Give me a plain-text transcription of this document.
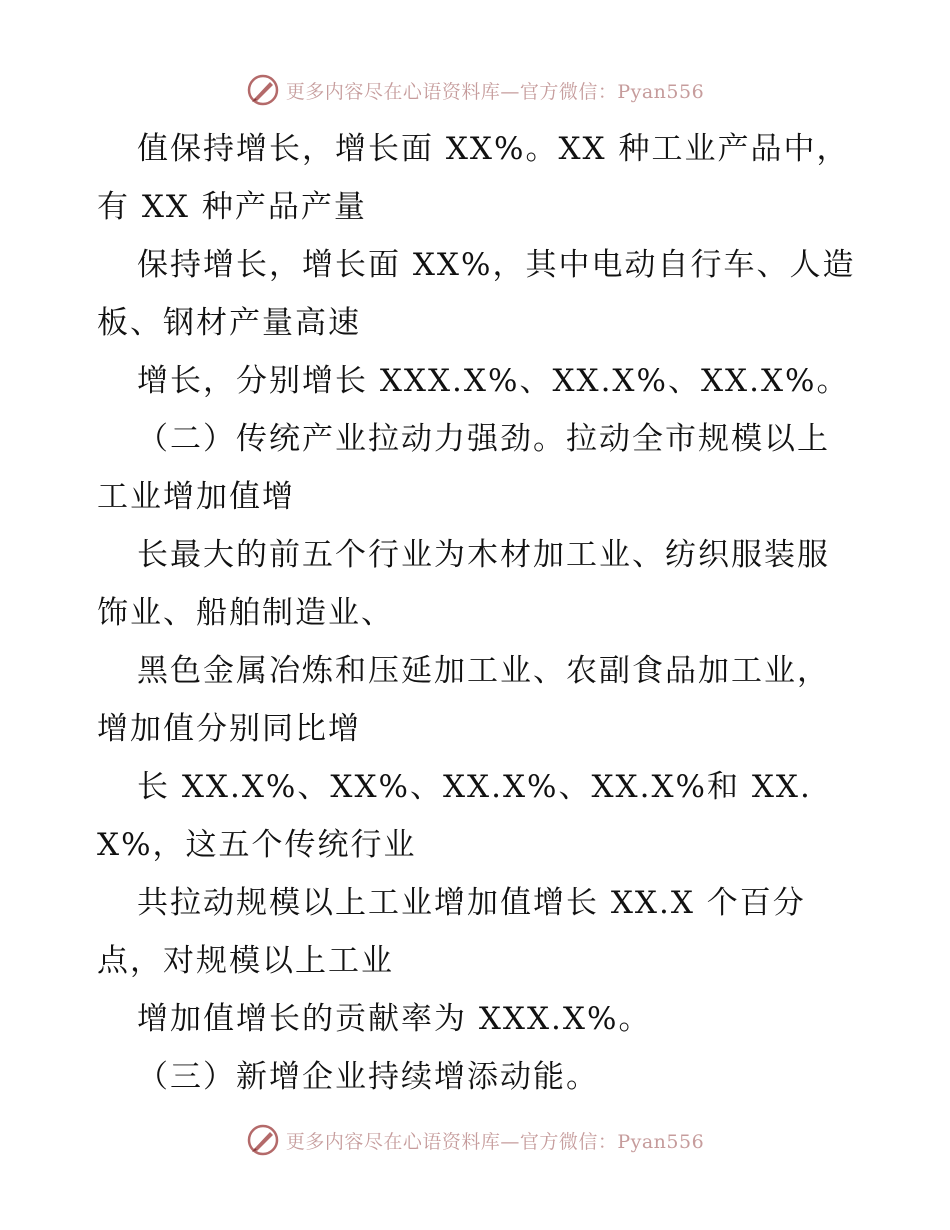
更多内容尽在心语资料库—官方微信：Pyan556

值保持增长，增长面 XX%。XX 种工业产品中，有 XX 种产品产量

保持增长，增长面 XX%，其中电动自行车、人造板、钢材产量高速

增长，分别增长 XXX.X%、XX.X%、XX.X%。

（二）传统产业拉动力强劲。拉动全市规模以上工业增加值增

长最大的前五个行业为木材加工业、纺织服装服饰业、船舶制造业、

黑色金属冶炼和压延加工业、农副食品加工业，增加值分别同比增

长 XX.X%、XX%、XX.X%、XX.X%和 XX.X%，这五个传统行业

共拉动规模以上工业增加值增长 XX.X 个百分点，对规模以上工业

增加值增长的贡献率为 XXX.X%。

（三）新增企业持续增添动能。

更多内容尽在心语资料库—官方微信：Pyan556
